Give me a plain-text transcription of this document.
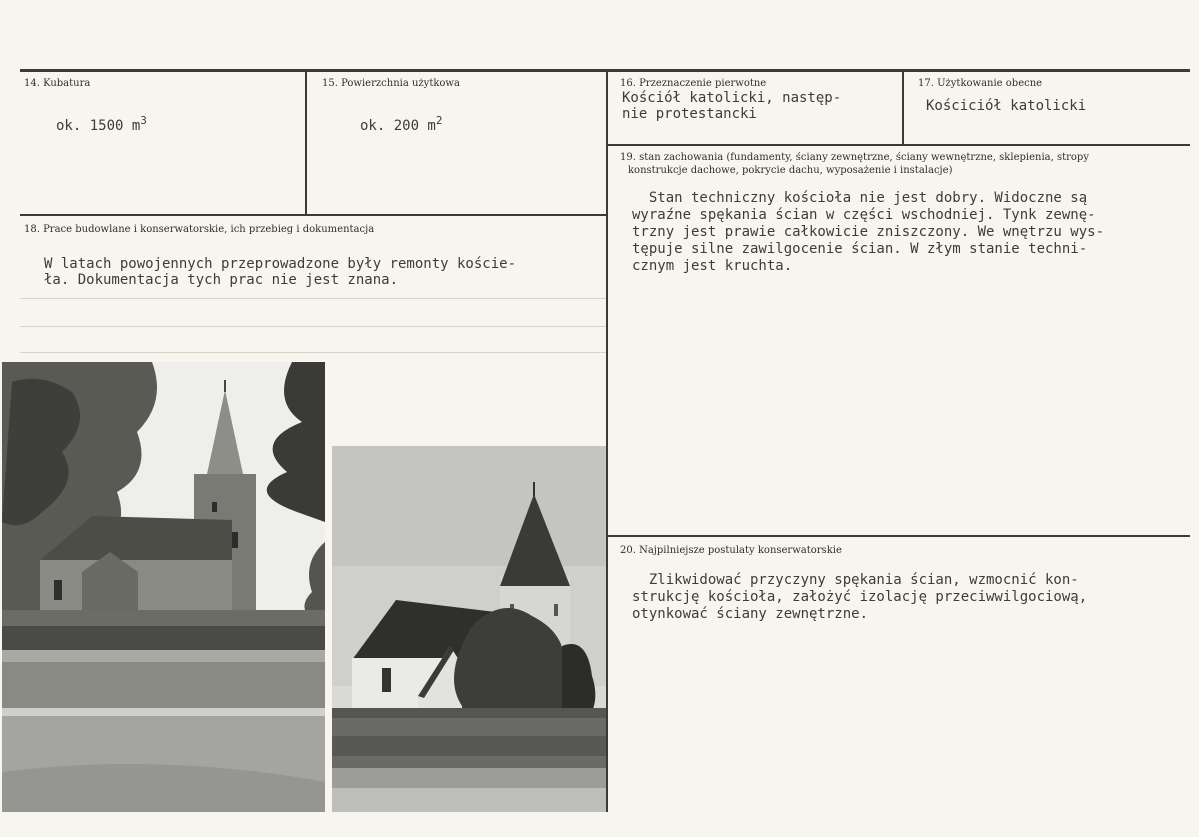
14. Kubatura
ok. 1500 $m^3$
15. Powierzchnia użytkowa
ok. 200 $m^2$
16. Przeznaczenie pierwotne
Kościół katolicki, następ-
nie protestancki
17. Użytkowanie obecne
Kościciół katolicki
18. Prace budowlane i konserwatorskie, ich przebieg i dokumentacja
W latach powojennych przeprowadzone były remonty koście-
ła. Dokumentacja tych prac nie jest znana.
19. stan zachowania (fundamenty, ściany zewnętrzne, ściany wewnętrzne, sklepienia, stropy
konstrukcje dachowe, pokrycie dachu, wyposażenie i instalacje)
Stan techniczny kościoła nie jest dobry. Widoczne są
wyraźne spękania ścian w części wschodniej. Tynk zewnę-
trzny jest prawie całkowicie zniszczony. We wnętrzu wys-
tępuje silne zawilgocenie ścian. W złym stanie techni-
cznym jest kruchta.
20. Najpilniejsze postulaty konserwatorskie
Zlikwidować przyczyny spękania ścian, wzmocnić kon-
strukcję kościoła, założyć izolację przeciwwilgociową,
otynkować ściany zewnętrzne.
